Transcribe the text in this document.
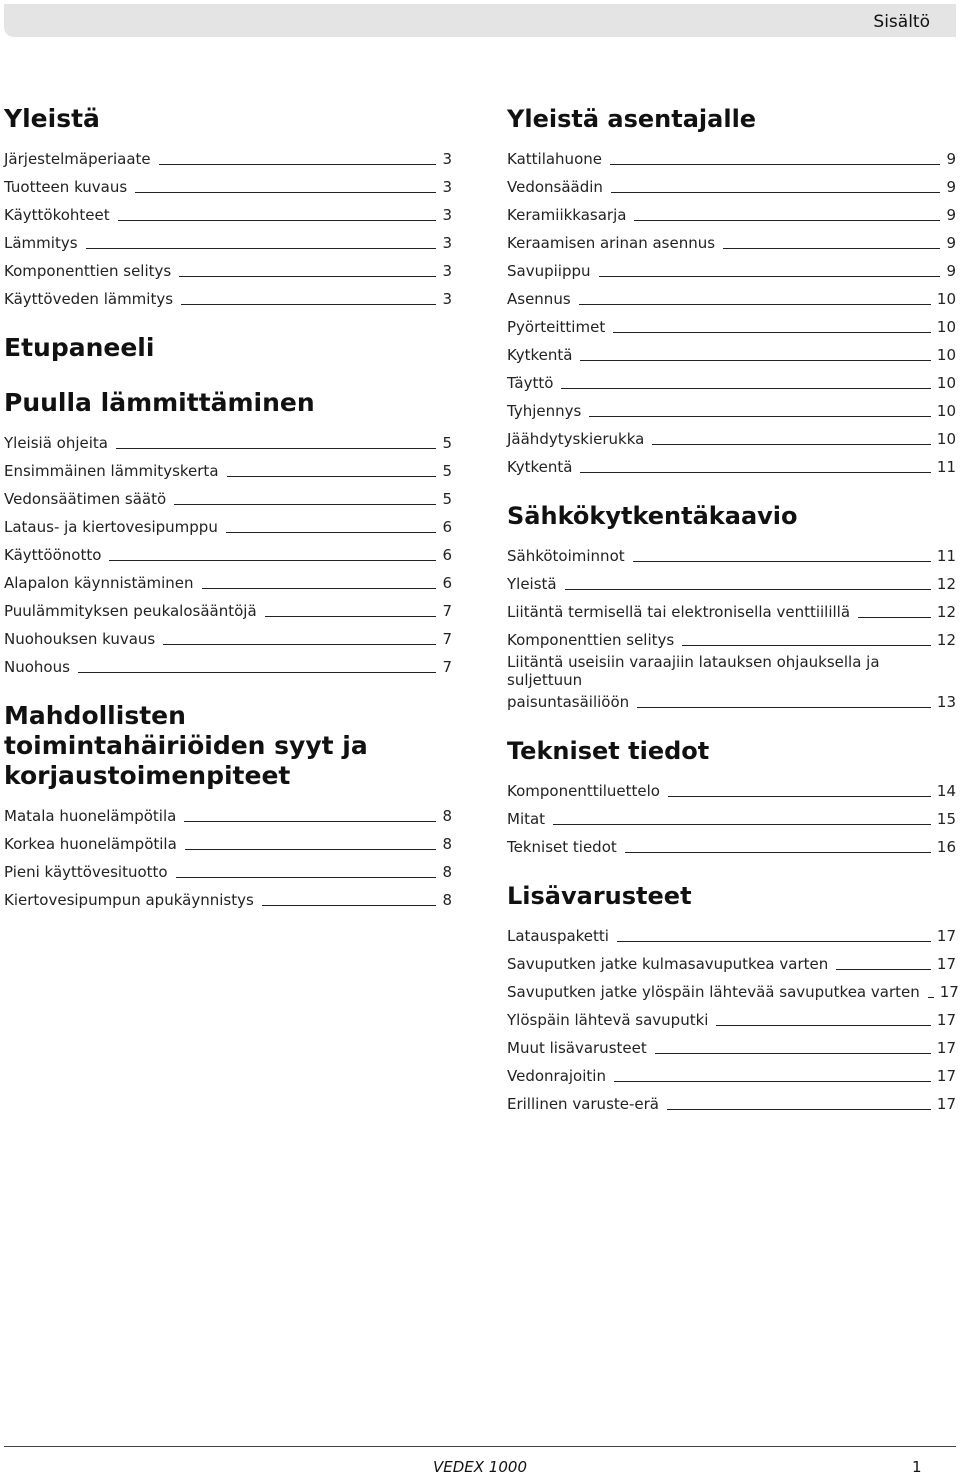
Sisältö
Yleistä
Järjestelmäperiaate	3
Tuotteen kuvaus	3
Käyttökohteet	3
Lämmitys	3
Komponenttien selitys	3
Käyttöveden lämmitys	3
Etupaneeli
Puulla lämmittäminen
Yleisiä ohjeita	5
Ensimmäinen lämmityskerta	5
Vedonsäätimen säätö	5
Lataus- ja kiertovesipumppu	6
Käyttöönotto	6
Alapalon käynnistäminen	6
Puulämmityksen peukalosääntöjä	7
Nuohouksen kuvaus	7
Nuohous	7
Mahdollisten toimintahäiriöiden syyt ja korjaustoimenpiteet
Matala huonelämpötila	8
Korkea huonelämpötila	8
Pieni käyttövesituotto	8
Kiertovesipumpun apukäynnistys	8
Yleistä asentajalle
Kattilahuone	9
Vedonsäädin	9
Keramiikkasarja	9
Keraamisen arinan asennus	9
Savupiippu	9
Asennus	10
Pyörteittimet	10
Kytkentä	10
Täyttö	10
Tyhjennys	10
Jäähdytyskierukka	10
Kytkentä	11
Sähkökytkentäkaavio
Sähkötoiminnot	11
Yleistä	12
Liitäntä termisellä tai elektronisella venttiilillä	12
Komponenttien selitys	12
Liitäntä useisiin varaajiin latauksen ohjauksella ja suljettuun
paisuntasäiliöön	13
Tekniset tiedot
Komponenttiluettelo	14
Mitat	15
Tekniset tiedot	16
Lisävarusteet
Latauspaketti	17
Savuputken jatke kulmasavuputkea varten	17
Savuputken jatke ylöspäin lähtevää savuputkea varten 17
Ylöspäin lähtevä savuputki	17
Muut lisävarusteet	17
Vedonrajoitin	17
Erillinen varuste-erä	17
VEDEX 1000	1
